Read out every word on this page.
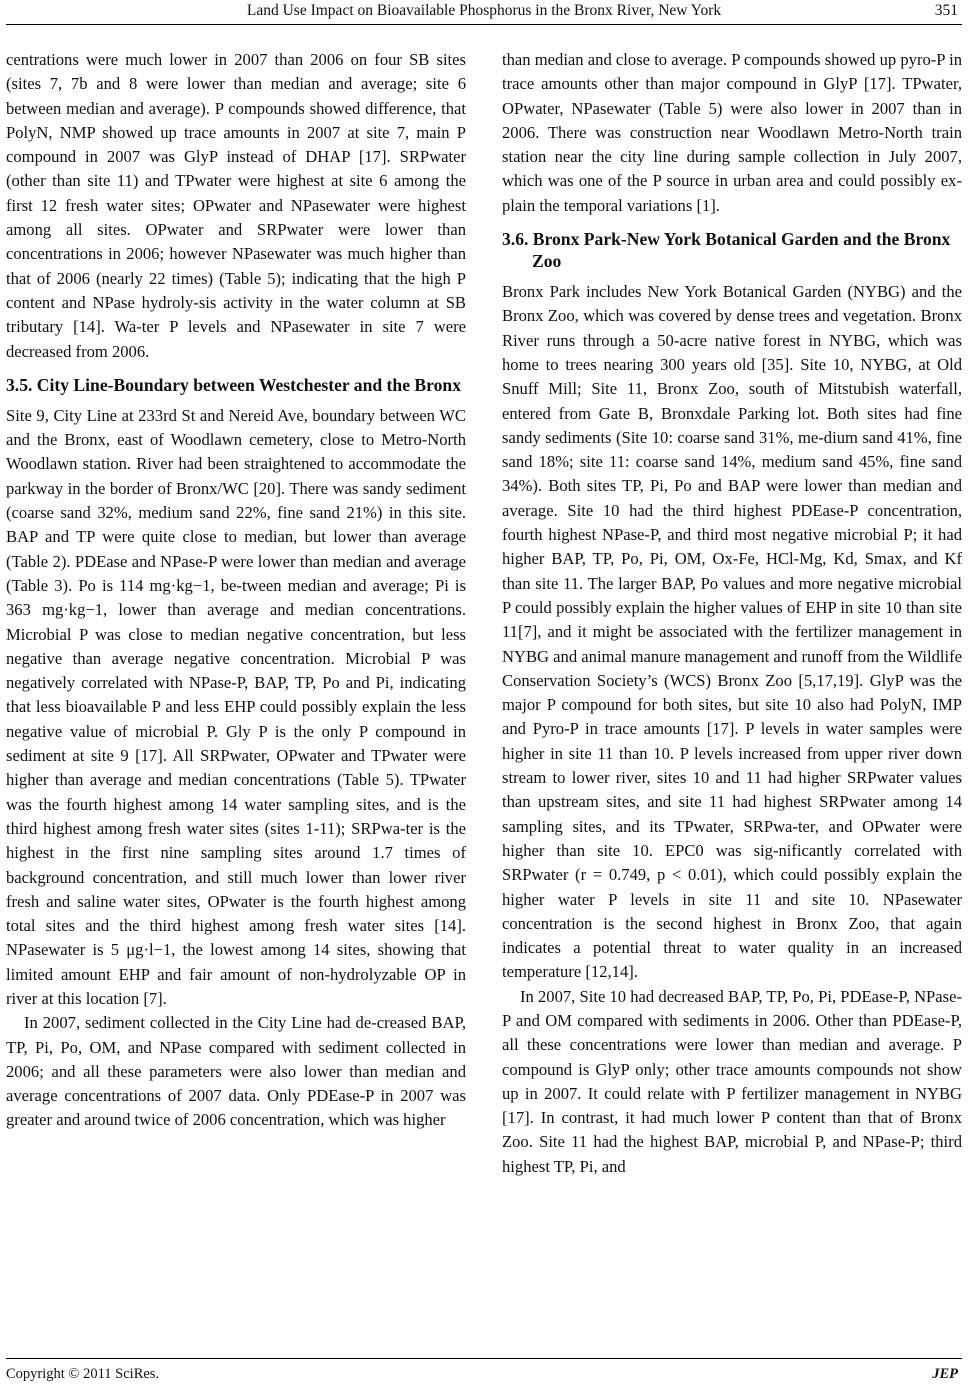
Land Use Impact on Bioavailable Phosphorus in the Bronx River, New York	351

centrations were much lower in 2007 than 2006 on four SB sites (sites 7, 7b and 8 were lower than median and average; site 6 between median and average). P compounds showed difference, that PolyN, NMP showed up trace amounts in 2007 at site 7, main P compound in 2007 was GlyP instead of DHAP [17]. SRPwater (other than site 11) and TPwater were highest at site 6 among the first 12 fresh water sites; OPwater and NPasewater were highest among all sites. OPwater and SRPwater were lower than concentrations in 2006; however NPasewater was much higher than that of 2006 (nearly 22 times) (Table 5); indicating that the high P content and NPase hydroly-sis activity in the water column at SB tributary [14]. Wa-ter P levels and NPasewater in site 7 were decreased from 2006.

3.5. City Line-Boundary between Westchester and the Bronx

Site 9, City Line at 233rd St and Nereid Ave, boundary between WC and the Bronx, east of Woodlawn cemetery, close to Metro-North Woodlawn station. River had been straightened to accommodate the parkway in the border of Bronx/WC [20]. There was sandy sediment (coarse sand 32%, medium sand 22%, fine sand 21%) in this site. BAP and TP were quite close to median, but lower than average (Table 2). PDEase and NPase-P were lower than median and average (Table 3). Po is 114 mg·kg−1, be-tween median and average; Pi is 363 mg·kg−1, lower than average and median concentrations. Microbial P was close to median negative concentration, but less negative than average negative concentration. Microbial P was negatively correlated with NPase-P, BAP, TP, Po and Pi, indicating that less bioavailable P and less EHP could possibly explain the less negative value of microbial P. Gly P is the only P compound in sediment at site 9 [17]. All SRPwater, OPwater and TPwater were higher than average and median concentrations (Table 5). TPwater was the fourth highest among 14 water sampling sites, and is the third highest among fresh water sites (sites 1-11); SRPwa-ter is the highest in the first nine sampling sites around 1.7 times of background concentration, and still much lower than lower river fresh and saline water sites, OPwater is the fourth highest among total sites and the third highest among fresh water sites [14]. NPasewater is 5 μg·l−1, the lowest among 14 sites, showing that limited amount EHP and fair amount of non-hydrolyzable OP in river at this location [7].

In 2007, sediment collected in the City Line had de-creased BAP, TP, Pi, Po, OM, and NPase compared with sediment collected in 2006; and all these parameters were also lower than median and average concentrations of 2007 data. Only PDEase-P in 2007 was greater and around twice of 2006 concentration, which was higher

than median and close to average. P compounds showed up pyro-P in trace amounts other than major compound in GlyP [17]. TPwater, OPwater, NPasewater (Table 5) were also lower in 2007 than in 2006. There was construction near Woodlawn Metro-North train station near the city line during sample collection in July 2007, which was one of the P source in urban area and could possibly ex-plain the temporal variations [1].

3.6. Bronx Park-New York Botanical Garden and the Bronx Zoo

Bronx Park includes New York Botanical Garden (NYBG) and the Bronx Zoo, which was covered by dense trees and vegetation. Bronx River runs through a 50-acre native forest in NYBG, which was home to trees nearing 300 years old [35]. Site 10, NYBG, at Old Snuff Mill; Site 11, Bronx Zoo, south of Mitstubish waterfall, entered from Gate B, Bronxdale Parking lot. Both sites had fine sandy sediments (Site 10: coarse sand 31%, me-dium sand 41%, fine sand 18%; site 11: coarse sand 14%, medium sand 45%, fine sand 34%). Both sites TP, Pi, Po and BAP were lower than median and average. Site 10 had the third highest PDEase-P concentration, fourth highest NPase-P, and third most negative microbial P; it had higher BAP, TP, Po, Pi, OM, Ox-Fe, HCl-Mg, Kd, Smax, and Kf than site 11. The larger BAP, Po values and more negative microbial P could possibly explain the higher values of EHP in site 10 than site 11[7], and it might be associated with the fertilizer management in NYBG and animal manure management and runoff from the Wildlife Conservation Society’s (WCS) Bronx Zoo [5,17,19]. GlyP was the major P compound for both sites, but site 10 also had PolyN, IMP and Pyro-P in trace amounts [17]. P levels in water samples were higher in site 11 than 10. P levels increased from upper river down stream to lower river, sites 10 and 11 had higher SRPwater values than upstream sites, and site 11 had highest SRPwater among 14 sampling sites, and its TPwater, SRPwa-ter, and OPwater were higher than site 10. EPC0 was sig-nificantly correlated with SRPwater (r = 0.749, p < 0.01), which could possibly explain the higher water P levels in site 11 and site 10. NPasewater concentration is the second highest in Bronx Zoo, that again indicates a potential threat to water quality in an increased temperature [12,14].

In 2007, Site 10 had decreased BAP, TP, Po, Pi, PDEase-P, NPase-P and OM compared with sediments in 2006. Other than PDEase-P, all these concentrations were lower than median and average. P compound is GlyP only; other trace amounts compounds not show up in 2007. It could relate with P fertilizer management in NYBG [17]. In contrast, it had much lower P content than that of Bronx Zoo. Site 11 had the highest BAP, microbial P, and NPase-P; third highest TP, Pi, and

Copyright © 2011 SciRes.	JEP
